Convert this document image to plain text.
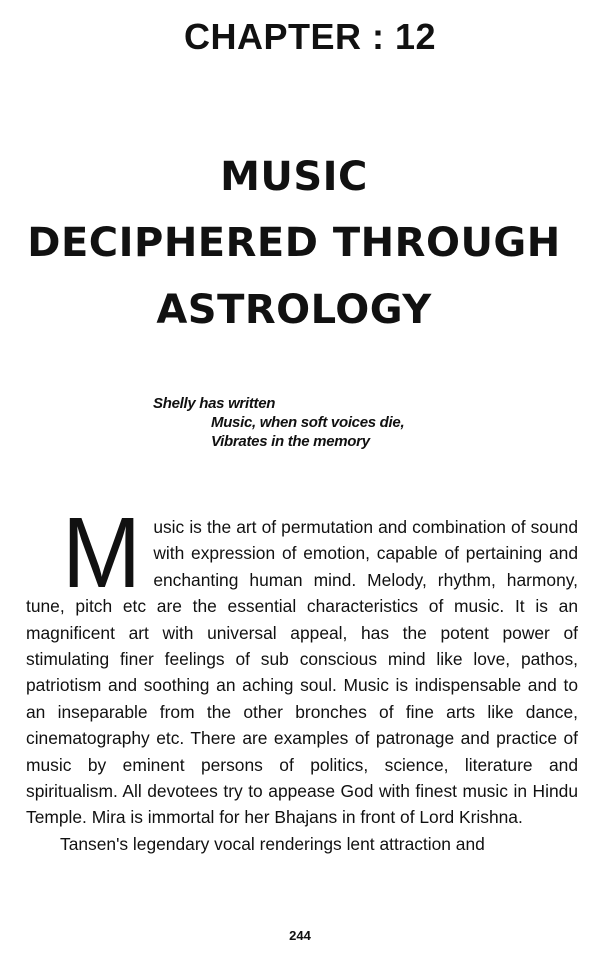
CHAPTER : 12
MUSIC
DECIPHERED THROUGH
ASTROLOGY
Shelly has written
Music, when soft voices die,
Vibrates in the memory

Music is the art of permutation and combination of sound with expression of emotion, capable of pertaining and enchanting human mind. Melody, rhythm, harmony, tune, pitch etc are the essential characteristics of music. It is an magnificent art with universal appeal, has the potent power of stimulating finer feelings of sub conscious mind like love, pathos, patriotism and soothing an aching soul. Music is indispensable and to an inseparable from the other bronches of fine arts like dance, cinematography etc. There are examples of patronage and practice of music by eminent persons of politics, science, literature and spiritualism. All devotees try to appease God with finest music in Hindu Temple. Mira is immortal for her Bhajans in front of Lord Krishna.

Tansen's legendary vocal renderings lent attraction and

244
